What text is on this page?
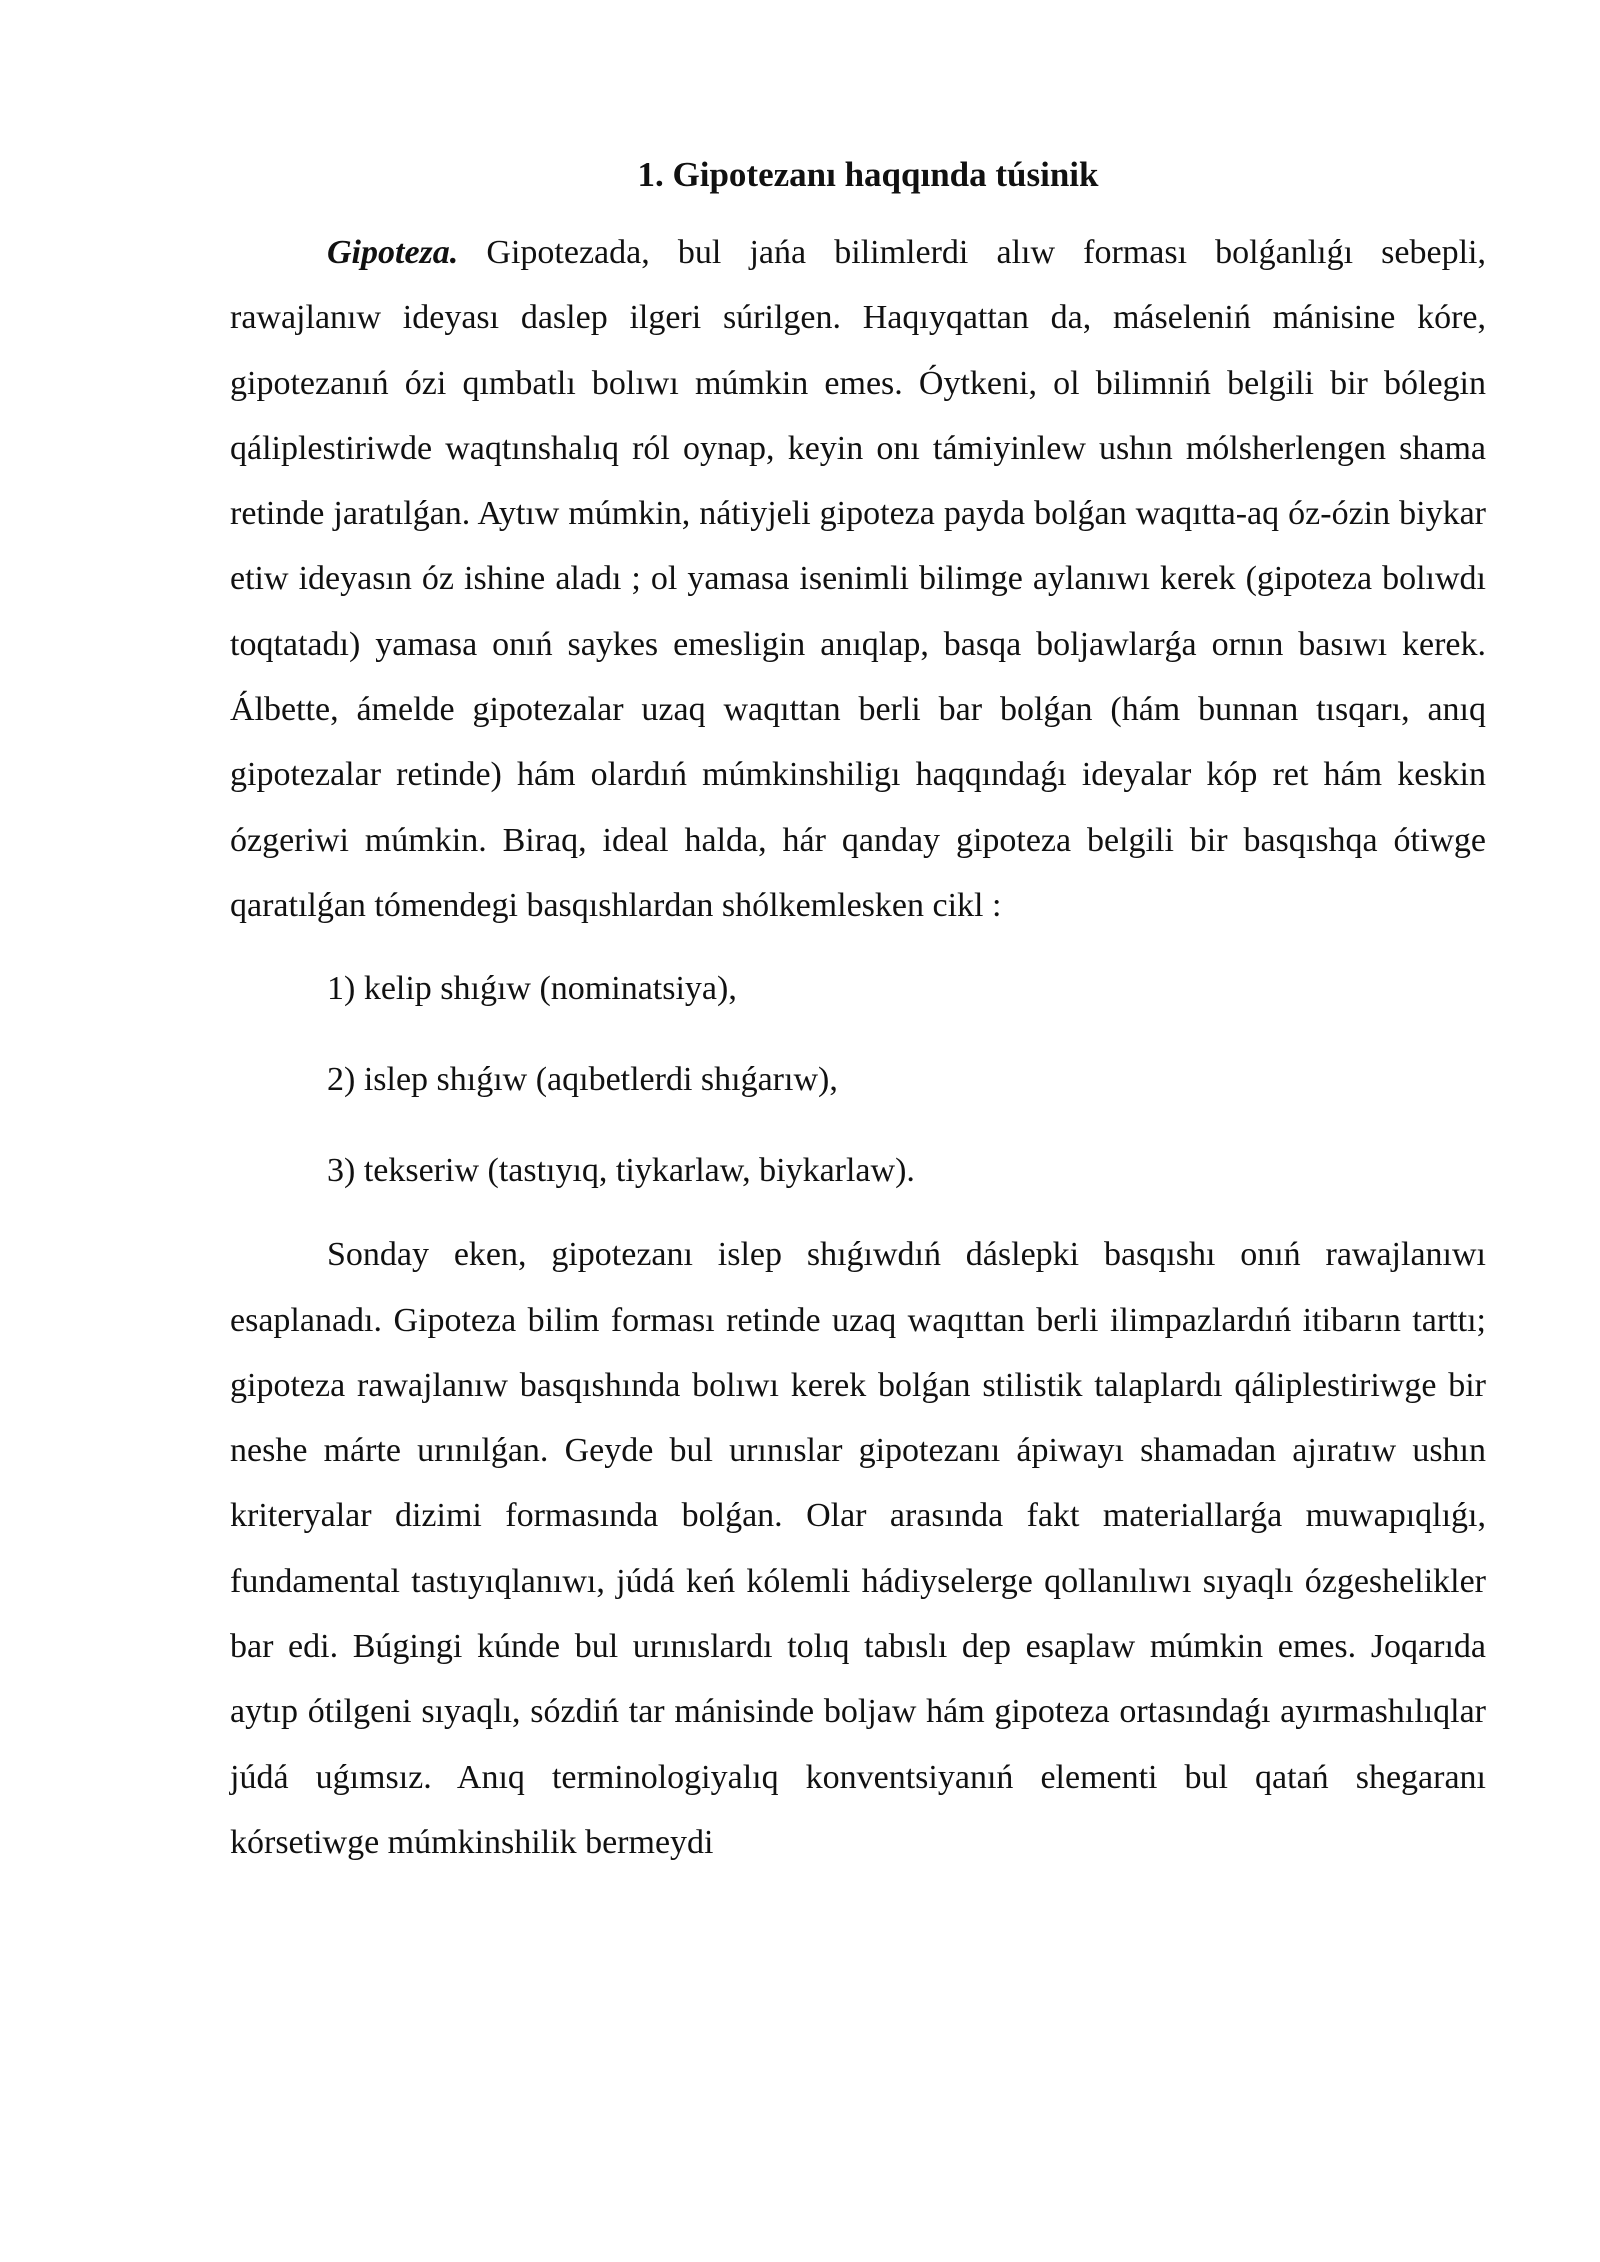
1. Gipotezanı haqqında túsinik

Gipoteza. Gipotezada, bul jańa bilimlerdi alıw forması bolǵanlıǵı sebepli, rawajlanıw ideyası daslep ilgeri súrilgen. Haqıyqattan da, máseleniń mánisine kóre, gipotezanıń ózi qımbatlı bolıwı múmkin emes. Óytkeni, ol bilimniń belgili bir bólegin qáliplestiriwde waqtınshalıq ról oynap, keyin onı támiyinlew ushın mólsherlengen shama retinde jaratılǵan. Aytıw múmkin, nátiyjeli gipoteza payda bolǵan waqıtta-aq óz-ózin biykar etiw ideyasın óz ishine aladı ; ol yamasa isenimli bilimge aylanıwı kerek (gipoteza bolıwdı toqtatadı) yamasa onıń saykes emesligin anıqlap, basqa boljawlarǵa ornın basıwı kerek. Álbette, ámelde gipotezalar uzaq waqıttan berli bar bolǵan (hám bunnan tısqarı, anıq gipotezalar retinde) hám olardıń múmkinshiligı haqqındaǵı ideyalar kóp ret hám keskin ózgeriwi múmkin. Biraq, ideal halda, hár qanday gipoteza belgili bir basqıshqa ótiwge qaratılǵan tómendegi basqıshlardan shólkemlesken cikl :

1) kelip shıǵıw (nominatsiya),
2) islep shıǵıw (aqıbetlerdi shıǵarıw),
3) tekseriw (tastıyıq, tiykarlaw, biykarlaw).

Sonday eken, gipotezanı islep shıǵıwdıń dáslepki basqıshı onıń rawajlanıwı esaplanadı. Gipoteza bilim forması retinde uzaq waqıttan berli ilimpazlardıń itibarın tarttı; gipoteza rawajlanıw basqıshında bolıwı kerek bolǵan stilistik talaplardı qáliplestiriwge bir neshe márte urınılǵan. Geyde bul urınıslar gipotezanı ápiwayı shamadan ajıratıw ushın kriteryalar dizimi formasında bolǵan. Olar arasında fakt materiallarǵa muwapıqlıǵı, fundamental tastıyıqlanıwı, júdá keń kólemli hádiyselerge qollanılıwı sıyaqlı ózgeshelikler bar edi. Búgingi kúnde bul urınıslardı tolıq tabıslı dep esaplaw múmkin emes. Joqarıda aytıp ótilgeni sıyaqlı, sózdiń tar mánisinde boljaw hám gipoteza ortasındaǵı ayırmashılıqlar júdá uǵımsız. Anıq terminologiyalıq konventsiyanıń elementi bul qatań shegaranı kórsetiwge múmkinshilik bermeydi
